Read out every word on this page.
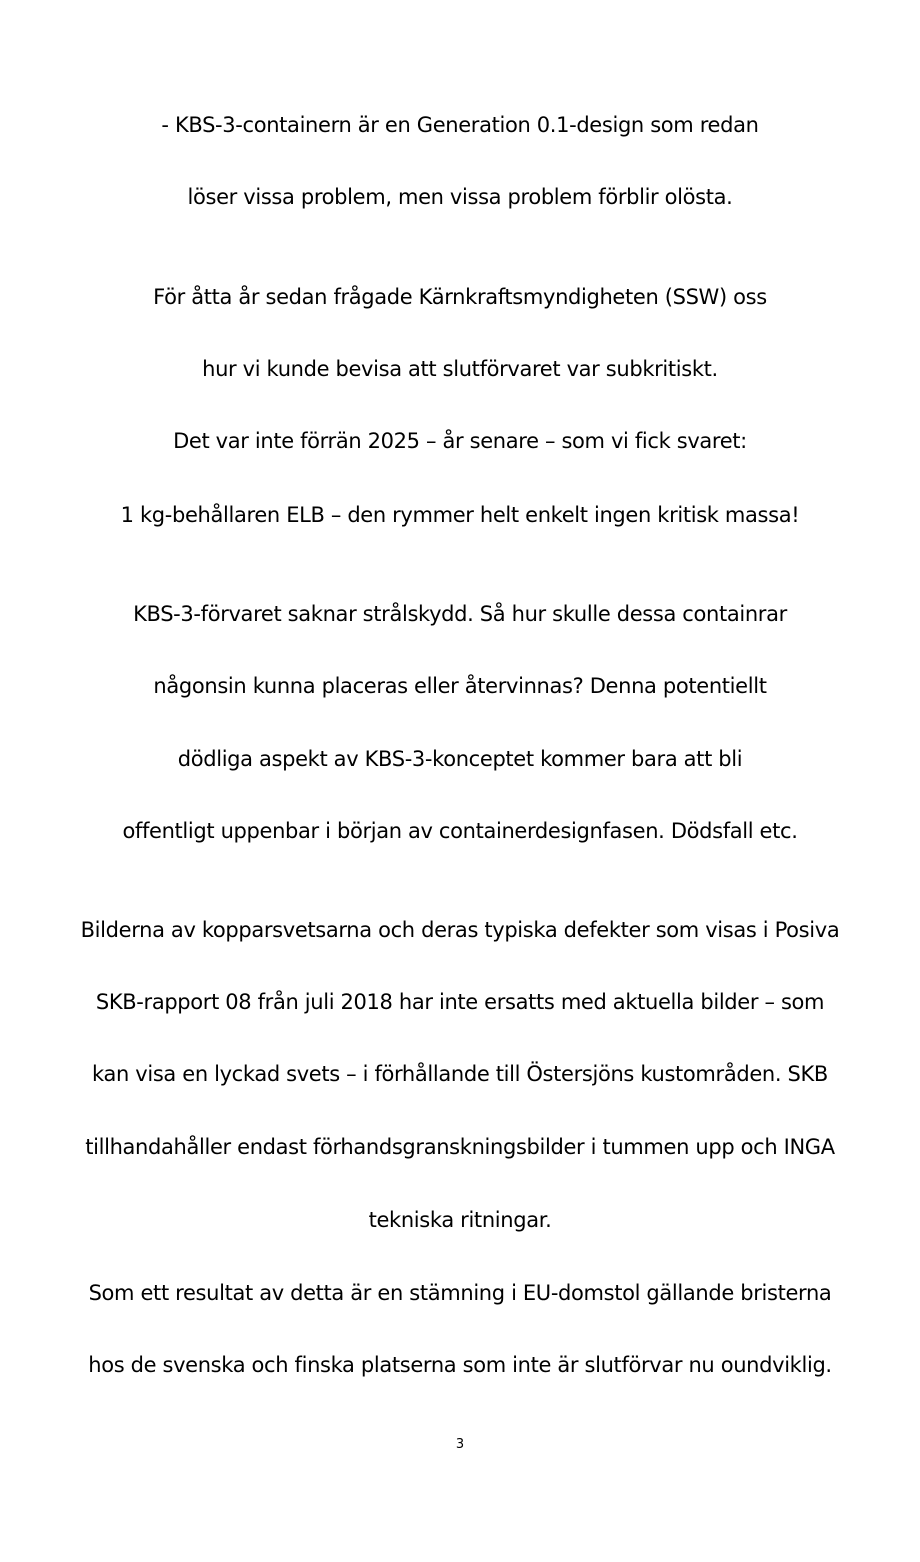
- KBS-3-containern är en Generation 0.1-design som redan
löser vissa problem, men vissa problem förblir olösta.
För åtta år sedan frågade Kärnkraftsmyndigheten (SSW) oss
hur vi kunde bevisa att slutförvaret var subkritiskt.
Det var inte förrän 2025 – år senare – som vi fick svaret:
1 kg-behållaren ELB – den rymmer helt enkelt ingen kritisk massa!
KBS-3-förvaret saknar strålskydd. Så hur skulle dessa containrar
någonsin kunna placeras eller återvinnas? Denna potentiellt
dödliga aspekt av KBS-3-konceptet kommer bara att bli
offentligt uppenbar i början av containerdesignfasen. Dödsfall etc.
Bilderna av kopparsvetsarna och deras typiska defekter som visas i Posiva
SKB-rapport 08 från juli 2018 har inte ersatts med aktuella bilder – som
kan visa en lyckad svets – i förhållande till Östersjöns kustområden. SKB
tillhandahåller endast förhandsgranskningsbilder i tummen upp och INGA
tekniska ritningar.
Som ett resultat av detta är en stämning i EU-domstol gällande bristerna
hos de svenska och finska platserna som inte är slutförvar nu oundviklig.
3
